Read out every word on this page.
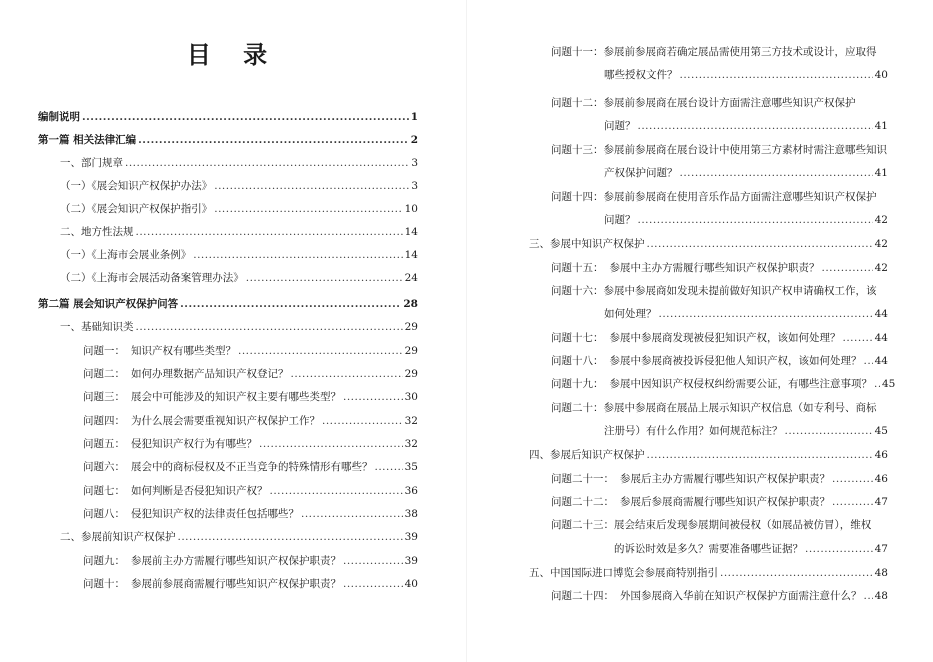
目 录
编制说明 .....	1
第一篇 相关法律汇编 .....	2
一、部门规章 .....	3
（一）《展会知识产权保护办法》 .....	3
（二）《展会知识产权保护指引》 .....	10
二、地方性法规 .....	14
（一）《上海市会展业条例》 .....	14
（二）《上海市会展活动备案管理办法》 .....	24
第二篇 展会知识产权保护问答 .....	28
一、基础知识类 .....	29
问题一： 知识产权有哪些类型？ .....	29
问题二： 如何办理数据产品知识产权登记？ .....	29
问题三： 展会中可能涉及的知识产权主要有哪些类型？ .....	30
问题四： 为什么展会需要重视知识产权保护工作？ .....	32
问题五： 侵犯知识产权行为有哪些？ .....	32
问题六： 展会中的商标侵权及不正当竞争的特殊情形有哪些？ .....	35
问题七： 如何判断是否侵犯知识产权？ .....	36
问题八： 侵犯知识产权的法律责任包括哪些？ .....	38
二、参展前知识产权保护 .....	39
问题九： 参展前主办方需履行哪些知识产权保护职责？ .....	39
问题十： 参展前参展商需履行哪些知识产权保护职责？ .....	40
问题十一：参展前参展商若确定展品需使用第三方技术或设计，应取得
哪些授权文件？ .....	40
问题十二：参展前参展商在展台设计方面需注意哪些知识产权保护
问题？ .....	41
问题十三：参展前参展商在展台设计中使用第三方素材时需注意哪些知识
产权保护问题？ .....	41
问题十四：参展前参展商在使用音乐作品方面需注意哪些知识产权保护
问题？ .....	42
三、参展中知识产权保护 .....	42
问题十五： 参展中主办方需履行哪些知识产权保护职责？ .....	42
问题十六：参展中参展商如发现未提前做好知识产权申请确权工作，该
如何处理？ .....	44
问题十七： 参展中参展商发现被侵犯知识产权，该如何处理？ .....	44
问题十八： 参展中参展商被投诉侵犯他人知识产权，该如何处理？ ..... 44
问题十九： 参展中因知识产权侵权纠纷需要公证，有哪些注意事项？ ..... 45
问题二十：参展中参展商在展品上展示知识产权信息（如专利号、商标
注册号）有什么作用？如何规范标注？ .....	45
四、参展后知识产权保护 .....	46
问题二十一： 参展后主办方需履行哪些知识产权保护职责？ .....	46
问题二十二： 参展后参展商需履行哪些知识产权保护职责？ .....	47
问题二十三：展会结束后发现参展期间被侵权（如展品被仿冒），维权
的诉讼时效是多久？需要准备哪些证据？ .....	47
五、中国国际进口博览会参展商特别指引 .....	48
问题二十四： 外国参展商入华前在知识产权保护方面需注意什么？ ..... 48
